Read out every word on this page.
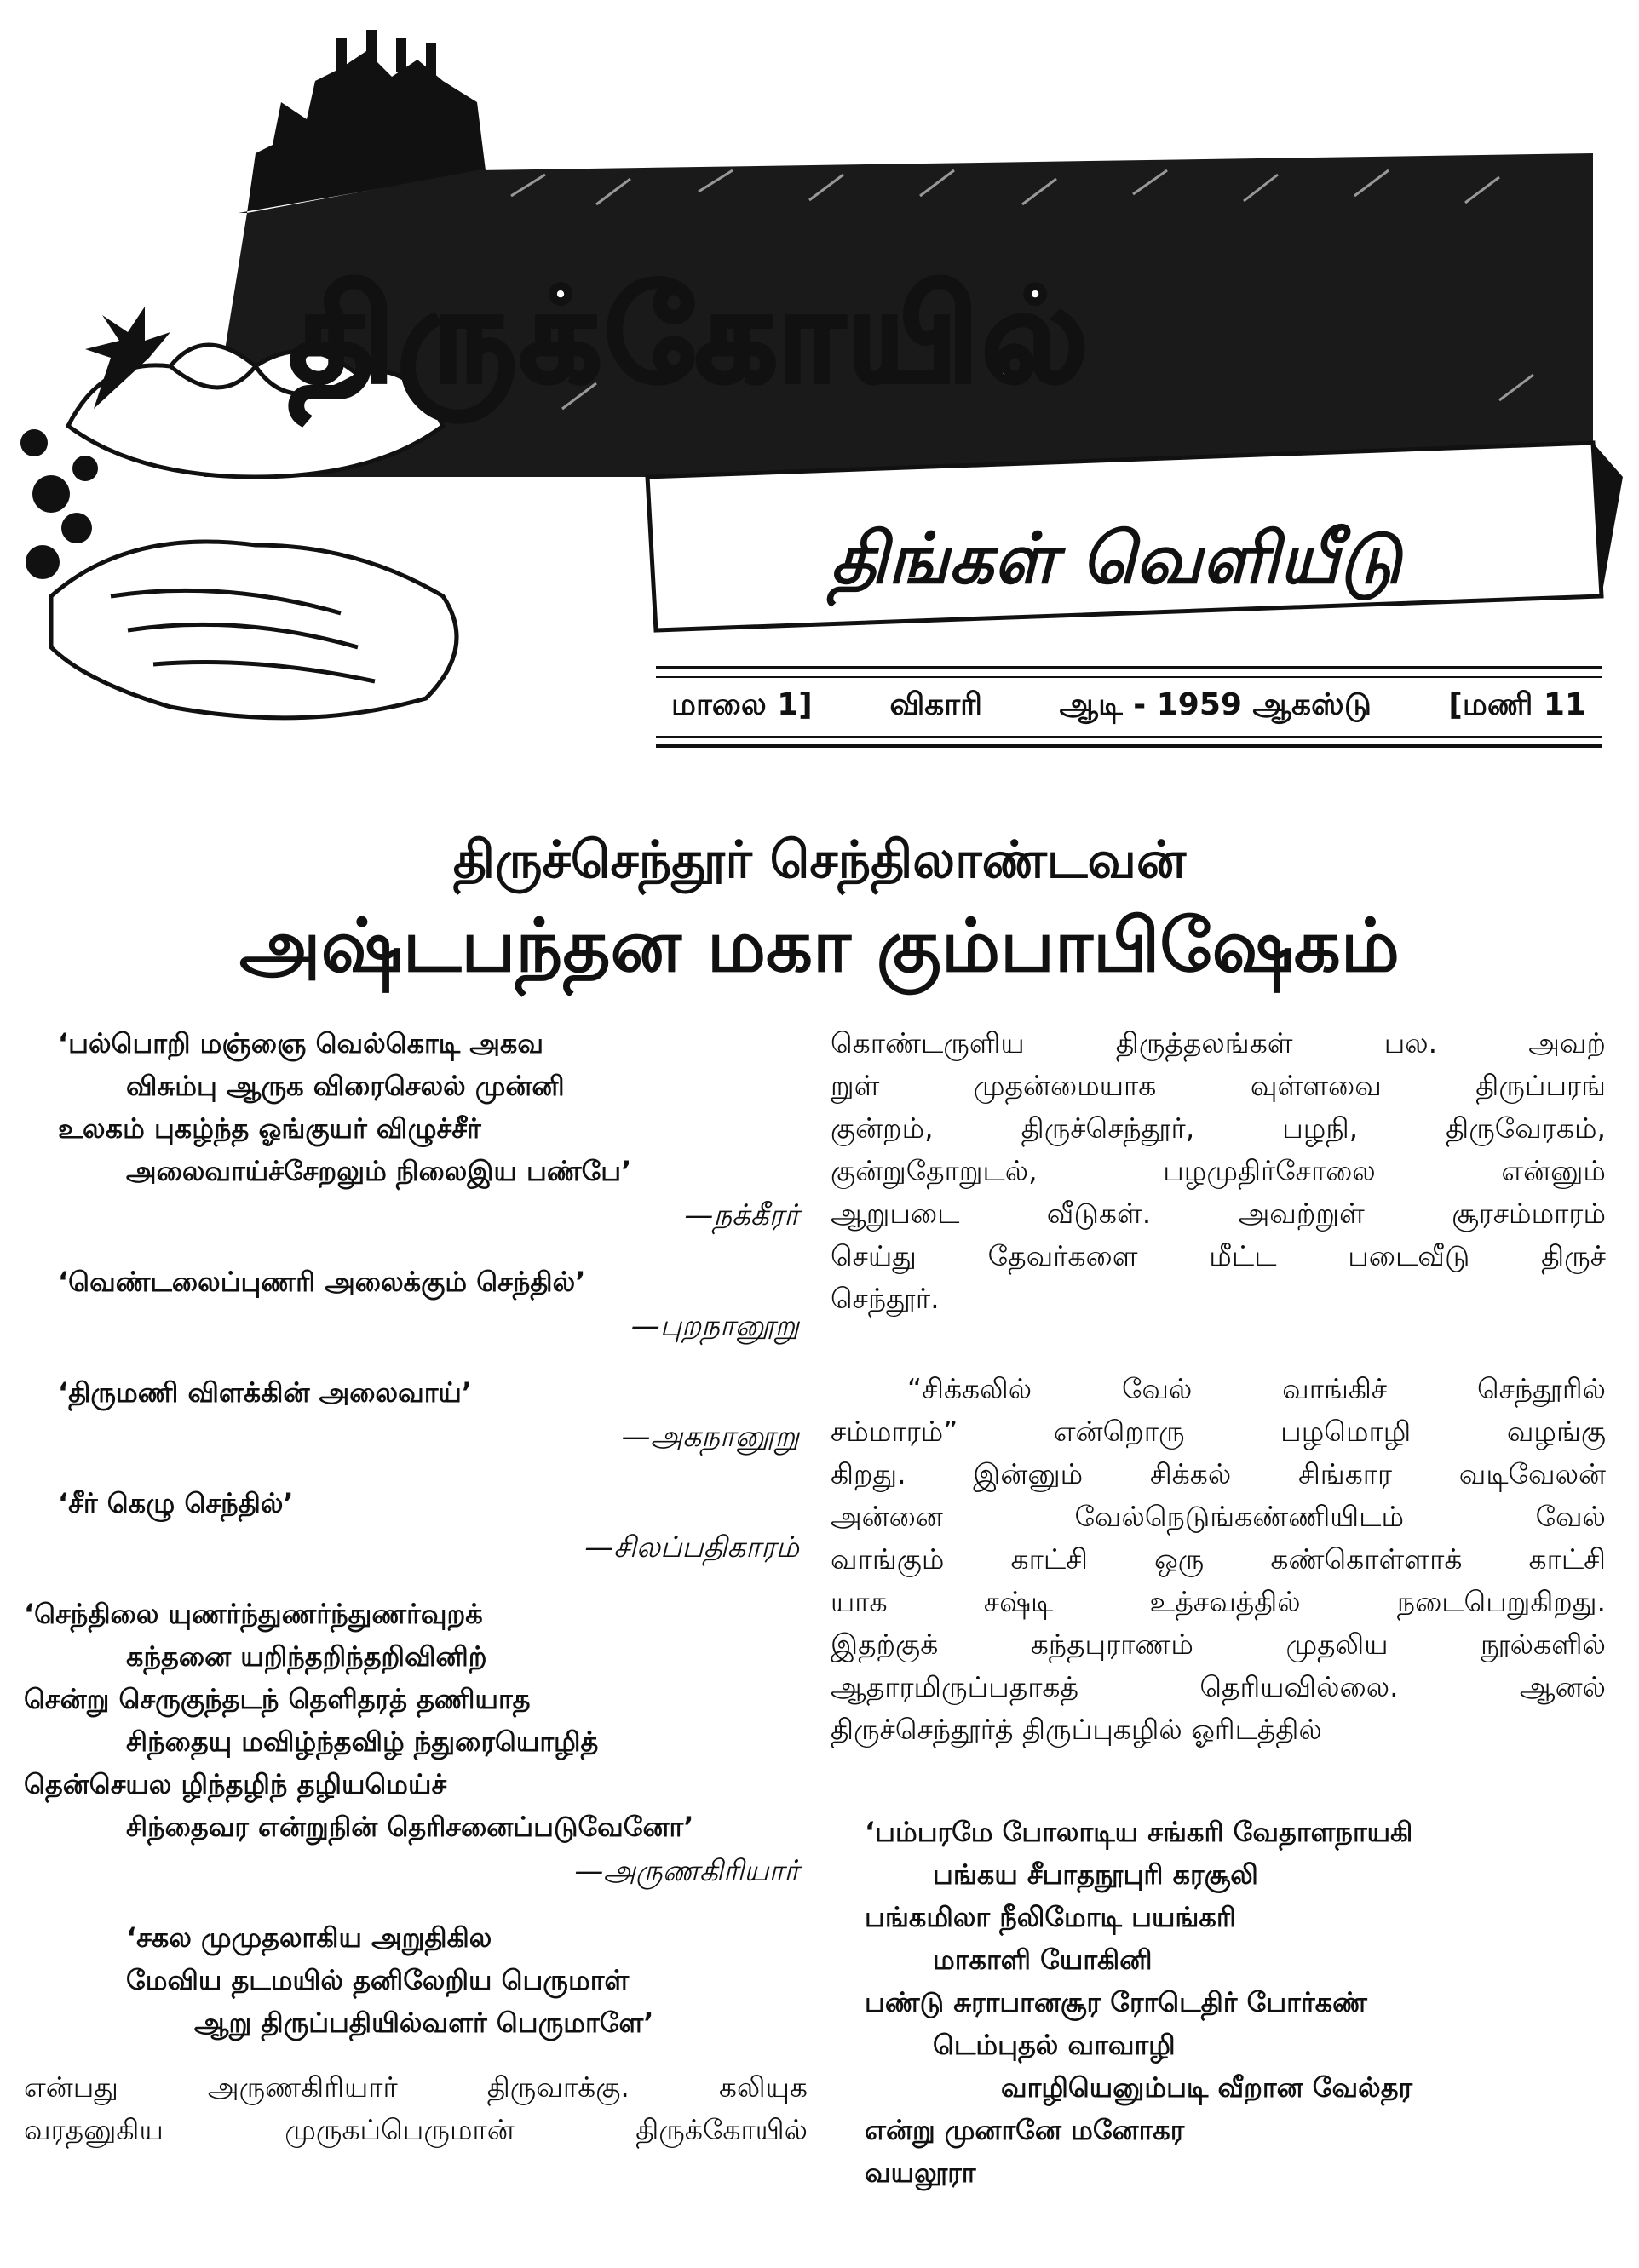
திருக்கோயில்
திங்கள் வெளியீடு
மாலை 1]	விகாரி	ஆடி - 1959 ஆகஸ்டு	[மணி 11
திருச்செந்தூர் செந்திலாண்டவன்
அஷ்டபந்தன மகா கும்பாபிஷேகம்
‘பல்பொறி மஞ்ஞை வெல்கொடி அகவ
விசும்பு ஆருக விரைசெலல் முன்னி
உலகம் புகழ்ந்த ஓங்குயர் விழுச்சீர்
அலைவாய்ச்சேறலும் நிலைஇய பண்பே’
—நக்கீரர்
‘வெண்டலைப்புணரி அலைக்கும் செந்தில்’
—புறநானூறு
‘திருமணி விளக்கின் அலைவாய்’
—அகநானூறு
‘சீர் கெழு செந்தில்’
—சிலப்பதிகாரம்
‘செந்திலை யுணர்ந்துணர்ந்துணர்வுறக்
கந்தனை யறிந்தறிந்தறிவினிற்
சென்று செருகுந்தடந் தெளிதரத் தணியாத
சிந்தையு மவிழ்ந்தவிழ் ந்துரையொழித்
தென்செயல ழிந்தழிந் தழியமெய்ச்
சிந்தைவர என்றுநின் தெரிசனைப்படுவேனோ’
—அருணகிரியார்
‘சகல முமுதலாகிய அறுதிகில
மேவிய தடமயில் தனிலேறிய பெருமாள்
ஆறு திருப்பதியில்வளர் பெருமாளே’
என்பது அருணகிரியார் திருவாக்கு. கலியுக
வரதனுகிய முருகப்பெருமான் திருக்கோயில்
கொண்டருளிய திருத்தலங்கள் பல. அவற்
றுள் முதன்மையாக வுள்ளவை திருப்பரங்
குன்றம், திருச்செந்தூர், பழநி, திருவேரகம்,
குன்றுதோறுடல், பழமுதிர்சோலை என்னும்
ஆறுபடை வீடுகள். அவற்றுள் சூரசம்மாரம்
செய்து தேவர்களை மீட்ட படைவீடு திருச்
செந்தூர்.
“சிக்கலில் வேல் வாங்கிச் செந்தூரில்
சம்மாரம்” என்றொரு பழமொழி வழங்கு
கிறது. இன்னும் சிக்கல் சிங்கார வடிவேலன்
அன்னை வேல்நெடுங்கண்ணியிடம் வேல்
வாங்கும் காட்சி ஒரு கண்கொள்ளாக் காட்சி
யாக சஷ்டி உத்சவத்தில் நடைபெறுகிறது.
இதற்குக் கந்தபுராணம் முதலிய நூல்களில்
ஆதாரமிருப்பதாகத் தெரியவில்லை. ஆனல்
திருச்செந்தூர்த் திருப்புகழில் ஓரிடத்தில்
‘பம்பரமே போலாடிய சங்கரி வேதாளநாயகி
பங்கய சீபாதநூபுரி கரசூலி
பங்கமிலா நீலிமோடி பயங்கரி
மாகாளி யோகினி
பண்டு சுராபானசூர ரோடெதிர் போர்கண்
டெம்புதல் வாவாழி
வாழியெனும்படி வீறான வேல்தர
என்று முனானே மனோகர
வயலூரா
